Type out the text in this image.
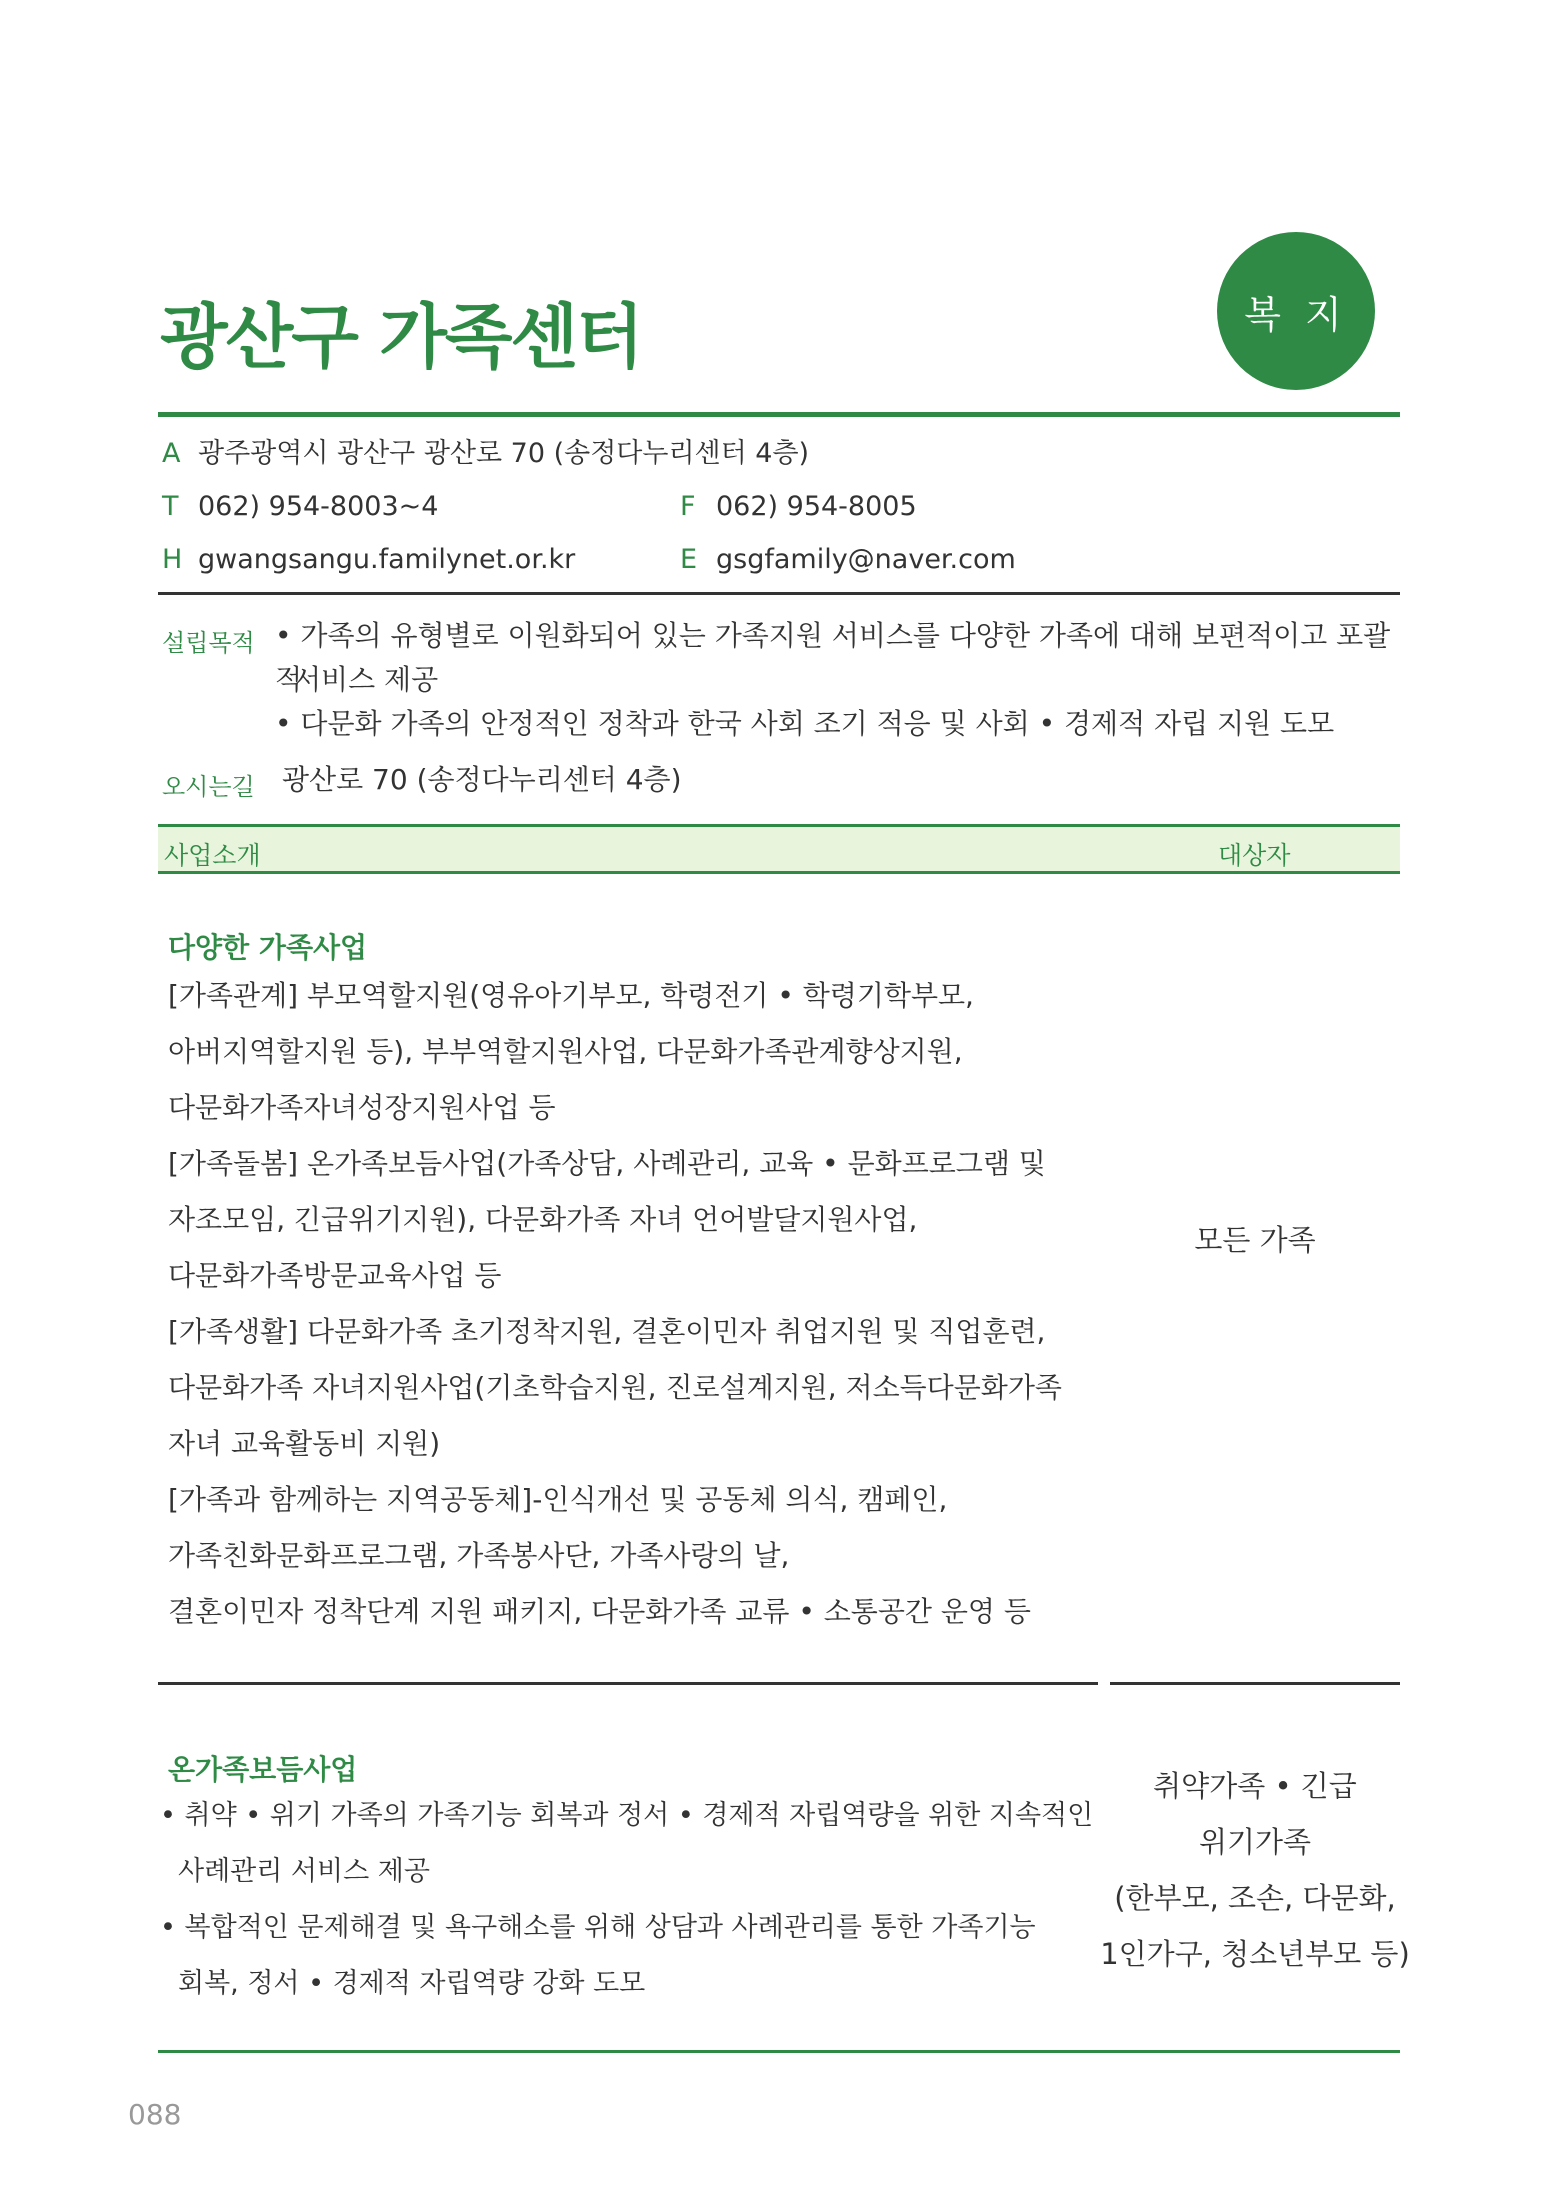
광산구 가족센터	복 지
A 광주광역시 광산구 광산로 70 (송정다누리센터 4층)
T 062) 954-8003~4	F 062) 954-8005
H gwangsangu.familynet.or.kr	E gsgfamily@naver.com
설립목적 • 가족의 유형별로 이원화되어 있는 가족지원 서비스를 다양한 가족에 대해 보편적이고 포괄적
서비스 제공
• 다문화 가족의 안정적인 정착과 한국 사회 조기 적응 및 사회 • 경제적 자립 지원 도모
오시는길 광산로 70 (송정다누리센터 4층)
사업소개	대상자
다양한 가족사업
[가족관계] 부모역할지원(영유아기부모, 학령전기 • 학령기학부모,
아버지역할지원 등), 부부역할지원사업, 다문화가족관계향상지원,
다문화가족자녀성장지원사업 등
[가족돌봄] 온가족보듬사업(가족상담, 사례관리, 교육 • 문화프로그램 및
자조모임, 긴급위기지원), 다문화가족 자녀 언어발달지원사업,
다문화가족방문교육사업 등
[가족생활] 다문화가족 초기정착지원, 결혼이민자 취업지원 및 직업훈련,
다문화가족 자녀지원사업(기초학습지원, 진로설계지원, 저소득다문화가족
자녀 교육활동비 지원)
[가족과 함께하는 지역공동체]-인식개선 및 공동체 의식, 캠페인,
가족친화문화프로그램, 가족봉사단, 가족사랑의 날,
결혼이민자 정착단계 지원 패키지, 다문화가족 교류 • 소통공간 운영 등
모든 가족
온가족보듬사업
• 취약 • 위기 가족의 가족기능 회복과 정서 • 경제적 자립역량을 위한 지속적인
사례관리 서비스 제공
• 복합적인 문제해결 및 욕구해소를 위해 상담과 사례관리를 통한 가족기능
회복, 정서 • 경제적 자립역량 강화 도모
취약가족 • 긴급
위기가족
(한부모, 조손, 다문화,
1인가구, 청소년부모 등)
088
